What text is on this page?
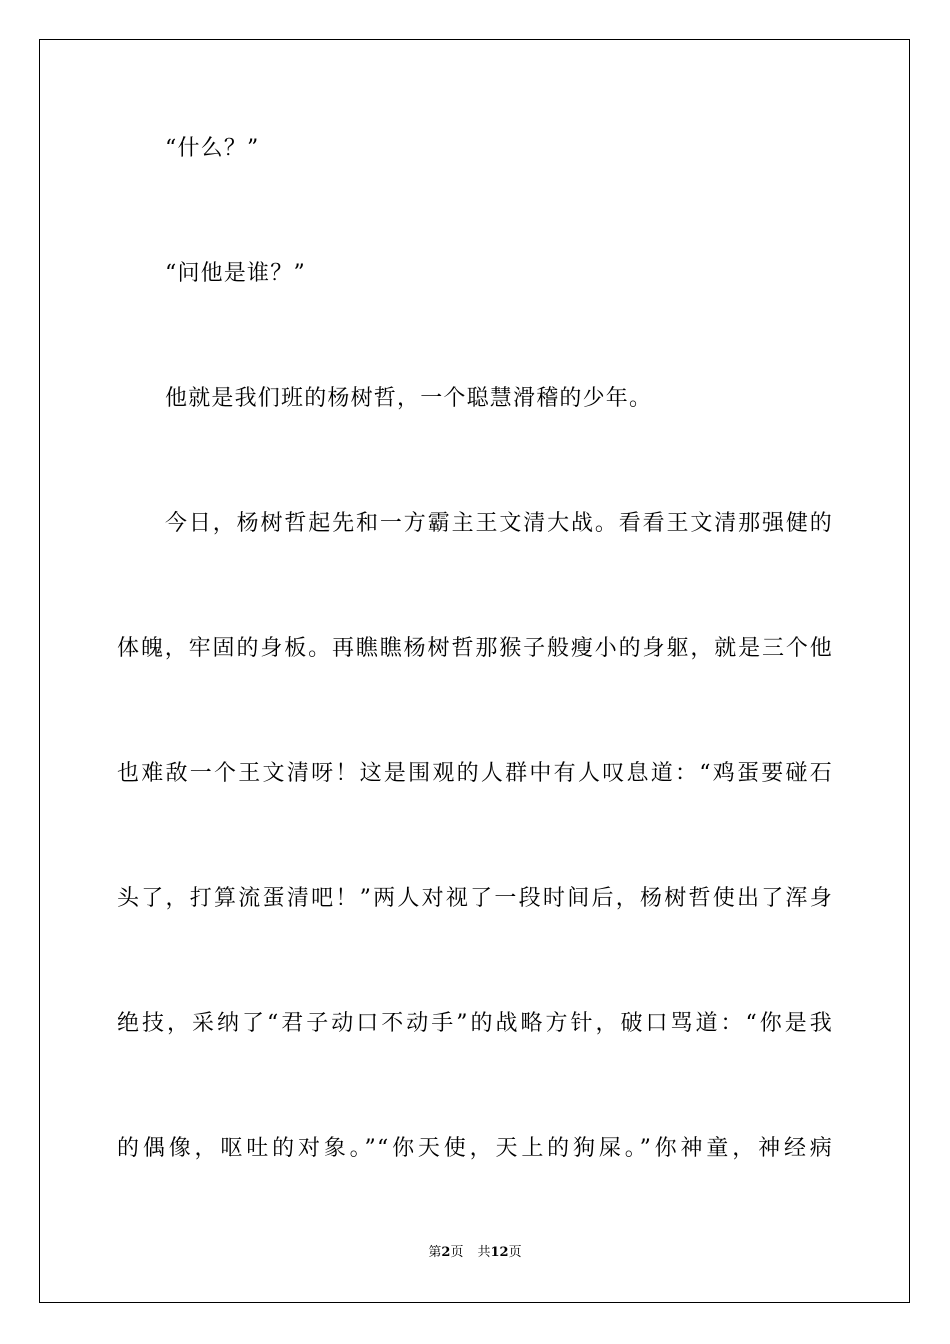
“什么？”
“问他是谁？”
他就是我们班的杨树哲，一个聪慧滑稽的少年。
今日，杨树哲起先和一方霸主王文清大战。看看王文清那强健的
体魄，牢固的身板。再瞧瞧杨树哲那猴子般瘦小的身躯，就是三个他
也难敌一个王文清呀！这是围观的人群中有人叹息道：“鸡蛋要碰石
头了，打算流蛋清吧！”两人对视了一段时间后，杨树哲使出了浑身
绝技，采纳了“君子动口不动手”的战略方针，破口骂道：“你是我
的偶像，呕吐的对象。”“你天使，天上的狗屎。”你神童，神经病
第2页 共12页
